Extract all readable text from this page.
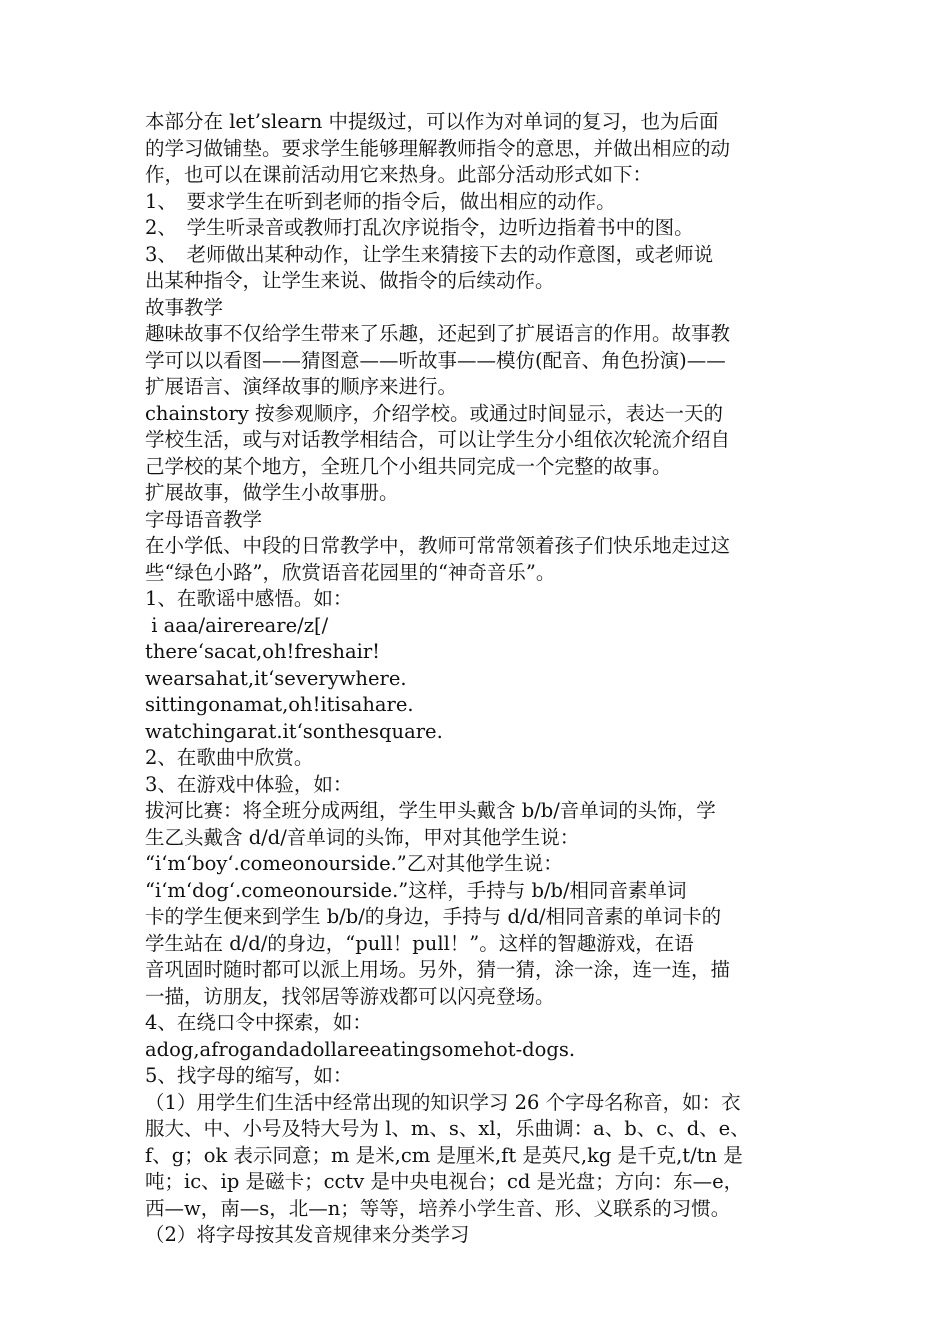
本部分在 let’slearn 中提级过，可以作为对单词的复习，也为后面
的学习做铺垫。要求学生能够理解教师指令的意思，并做出相应的动
作，也可以在课前活动用它来热身。此部分活动形式如下：
1、　要求学生在听到老师的指令后，做出相应的动作。
2、　学生听录音或教师打乱次序说指令，边听边指着书中的图。
3、　老师做出某种动作，让学生来猜接下去的动作意图，或老师说
出某种指令，让学生来说、做指令的后续动作。
故事教学
趣味故事不仅给学生带来了乐趣，还起到了扩展语言的作用。故事教
学可以以看图——猜图意——听故事——模仿(配音、角色扮演)——
扩展语言、演绎故事的顺序来进行。
chainstory 按参观顺序，介绍学校。或通过时间显示，表达一天的
学校生活，或与对话教学相结合，可以让学生分小组依次轮流介绍自
己学校的某个地方，全班几个小组共同完成一个完整的故事。
扩展故事，做学生小故事册。
字母语音教学
在小学低、中段的日常教学中，教师可常常领着孩子们快乐地走过这
些“绿色小路”，欣赏语音花园里的“神奇音乐”。
1、在歌谣中感悟。如：
i aaa/airereare/z[/
there‘sacat,oh!freshair!
wearsahat,it‘severywhere.
sittingonamat,oh!itisahare.
watchingarat.it‘sonthesquare.
2、在歌曲中欣赏。
3、在游戏中体验，如：
拔河比赛：将全班分成两组，学生甲头戴含 b/b/音单词的头饰，学
生乙头戴含 d/d/音单词的头饰，甲对其他学生说：
“i‘m‘boy‘.comeonourside.”乙对其他学生说：
“i‘m‘dog‘.comeonourside.”这样，手持与 b/b/相同音素单词
卡的学生便来到学生 b/b/的身边，手持与 d/d/相同音素的单词卡的
学生站在 d/d/的身边，“pull！pull！”。这样的智趣游戏，在语
音巩固时随时都可以派上用场。另外，猜一猜，涂一涂，连一连，描
一描，访朋友，找邻居等游戏都可以闪亮登场。
4、在绕口令中探索，如：
adog,afrogandadollareeatingsomehot-dogs.
5、找字母的缩写，如：
（1）用学生们生活中经常出现的知识学习 26 个字母名称音，如：衣
服大、中、小号及特大号为 l、m、s、xl，乐曲调：a、b、c、d、e、
f、g；ok 表示同意；m 是米,cm 是厘米,ft 是英尺,kg 是千克,t/tn 是
吨；ic、ip 是磁卡；cctv 是中央电视台；cd 是光盘；方向：东—e，
西—w，南—s，北—n；等等，培养小学生音、形、义联系的习惯。
（2）将字母按其发音规律来分类学习
